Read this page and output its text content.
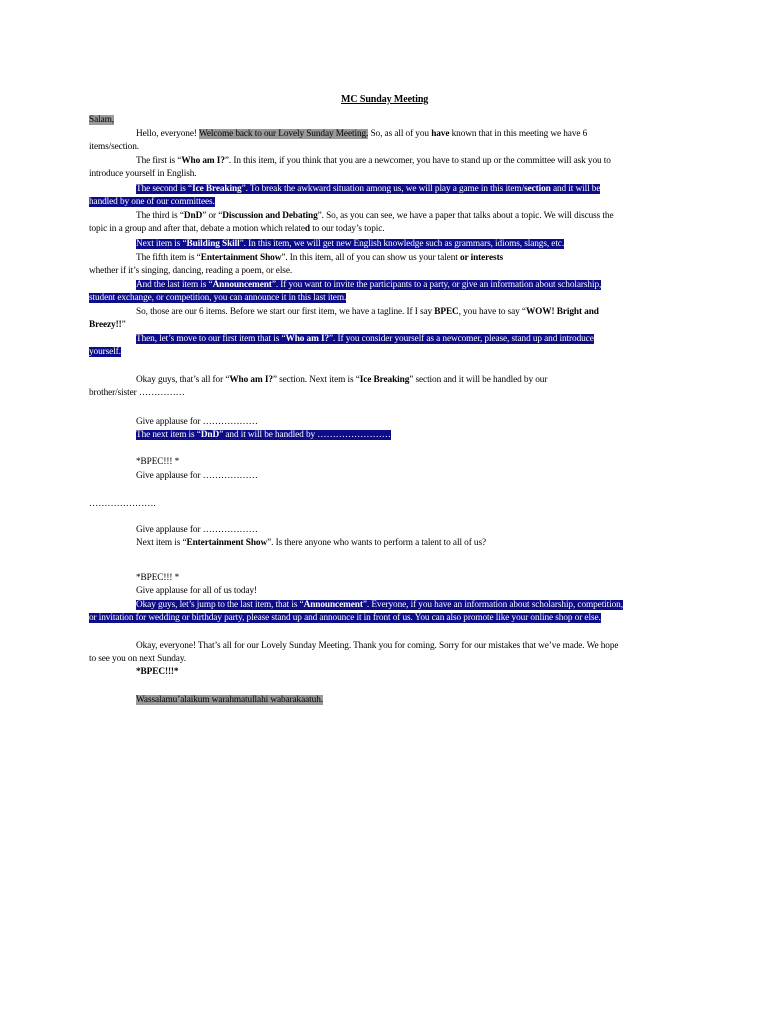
MC Sunday Meeting
Salam,
Hello, everyone! Welcome back to our Lovely Sunday Meeting. So, as all of you have known that in this meeting we have 6
items/section.
The first is “Who am I?”. In this item, if you think that you are a newcomer, you have to stand up or the committee will ask you to
introduce yourself in English.
The second is “Ice Breaking”. To break the awkward situation among us, we will play a game in this item/section and it will be
handled by one of our committees.
The third is “DnD” or “Discussion and Debating”. So, as you can see, we have a paper that talks about a topic. We will discuss the
topic in a group and after that, debate a motion which related to our today’s topic.
Next item is “Building Skill”. In this item, we will get new English knowledge such as grammars, idioms, slangs, etc.
The fifth item is “Entertainment Show”. In this item, all of you can show us your talent or interests
whether if it’s singing, dancing, reading a poem, or else.
And the last item is “Announcement”. If you want to invite the participants to a party, or give an information about scholarship,
student exchange, or competition, you can announce it in this last item.
So, those are our 6 items. Before we start our first item, we have a tagline. If I say BPEC, you have to say “WOW! Bright and
Breezy!!”
Then, let’s move to our first item that is “Who am I?”. If you consider yourself as a newcomer, please, stand up and introduce
yourself.
Okay guys, that’s all for “Who am I?” section. Next item is “Ice Breaking” section and it will be handled by our
brother/sister ……………
Give applause for ………………
The next item is “DnD” and it will be handled by ……………………
*BPEC!!! *
Give applause for ………………
………………….
Give applause for ………………
Next item is “Entertainment Show”. Is there anyone who wants to perform a talent to all of us?
*BPEC!!! *
Give applause for all of us today!
Okay guys, let’s jump to the last item, that is “Announcement”. Everyone, if you have an information about scholarship, competition,
or invitation for wedding or birthday party, please stand up and announce it in front of us. You can also promote like your online shop or else.
Okay, everyone! That’s all for our Lovely Sunday Meeting. Thank you for coming. Sorry for our mistakes that we’ve made. We hope
to see you on next Sunday.
*BPEC!!!*
Wassalamu’alaikum warahmatullahi wabarakaatuh.
